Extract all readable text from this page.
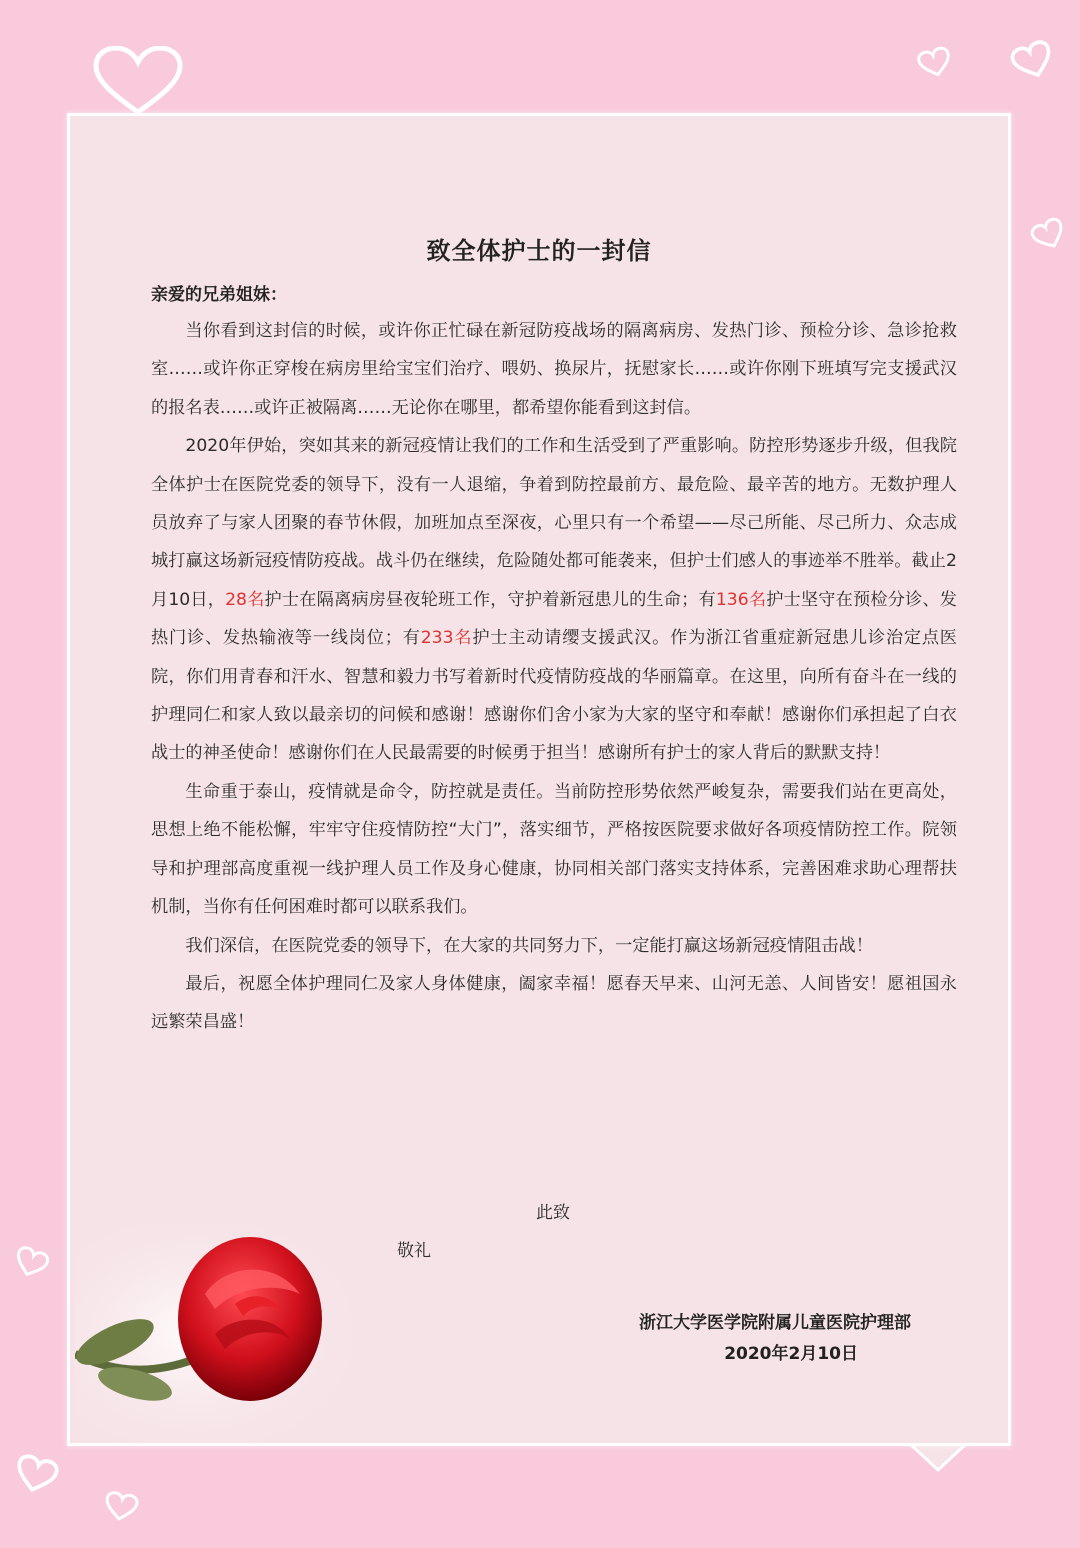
致全体护士的一封信
亲爱的兄弟姐妹：

当你看到这封信的时候，或许你正忙碌在新冠防疫战场的隔离病房、发热门诊、预检分诊、急诊抢救室……或许你正穿梭在病房里给宝宝们治疗、喂奶、换尿片，抚慰家长……或许你刚下班填写完支援武汉的报名表……或许正被隔离……无论你在哪里，都希望你能看到这封信。

2020年伊始，突如其来的新冠疫情让我们的工作和生活受到了严重影响。防控形势逐步升级，但我院全体护士在医院党委的领导下，没有一人退缩，争着到防控最前方、最危险、最辛苦的地方。无数护理人员放弃了与家人团聚的春节休假，加班加点至深夜，心里只有一个希望——尽己所能、尽己所力、众志成城打赢这场新冠疫情防疫战。战斗仍在继续，危险随处都可能袭来，但护士们感人的事迹举不胜举。截止2月10日，28名护士在隔离病房昼夜轮班工作，守护着新冠患儿的生命；有136名护士坚守在预检分诊、发热门诊、发热输液等一线岗位；有233名护士主动请缨支援武汉。作为浙江省重症新冠患儿诊治定点医院，你们用青春和汗水、智慧和毅力书写着新时代疫情防疫战的华丽篇章。在这里，向所有奋斗在一线的护理同仁和家人致以最亲切的问候和感谢！感谢你们舍小家为大家的坚守和奉献！感谢你们承担起了白衣战士的神圣使命！感谢你们在人民最需要的时候勇于担当！感谢所有护士的家人背后的默默支持！

生命重于泰山，疫情就是命令，防控就是责任。当前防控形势依然严峻复杂，需要我们站在更高处，思想上绝不能松懈，牢牢守住疫情防控“大门”，落实细节，严格按医院要求做好各项疫情防控工作。院领导和护理部高度重视一线护理人员工作及身心健康，协同相关部门落实支持体系，完善困难求助心理帮扶机制，当你有任何困难时都可以联系我们。

我们深信，在医院党委的领导下，在大家的共同努力下，一定能打赢这场新冠疫情阻击战！

最后，祝愿全体护理同仁及家人身体健康，阖家幸福！愿春天早来、山河无恙、人间皆安！愿祖国永远繁荣昌盛！

此致
敬礼
浙江大学医学院附属儿童医院护理部
2020年2月10日
